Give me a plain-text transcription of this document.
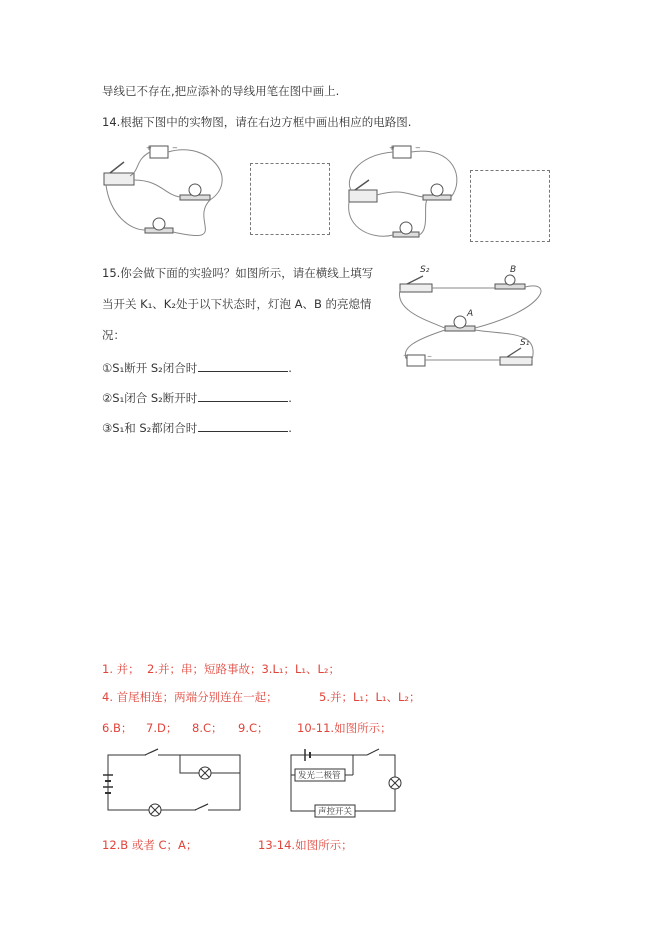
导线已不存在,把应添补的导线用笔在图中画上.
14.根据下图中的实物图，请在右边方框中画出相应的电路图.
+	−	+	−
15.你会做下面的实验吗？如图所示，请在横线上填写
当开关 K₁、K₂处于以下状态时，灯泡 A、B 的亮熄情
况：
①S₁断开 S₂闭合时	.
②S₁闭合 S₂断开时	.
③S₁和 S₂都闭合时	.
S₂	B
A
S₁
+	−
1. 并； 2.并；串；短路事故；3.L₁；L₁、L₂；
4. 首尾相连；两端分别连在一起；	5.并；L₁；L₁、L₂；
6.B； 7.D； 8.C； 9.C； 10-11.如图所示；
发光二极管
声控开关
12.B 或者 C；A；	13-14.如图所示；
